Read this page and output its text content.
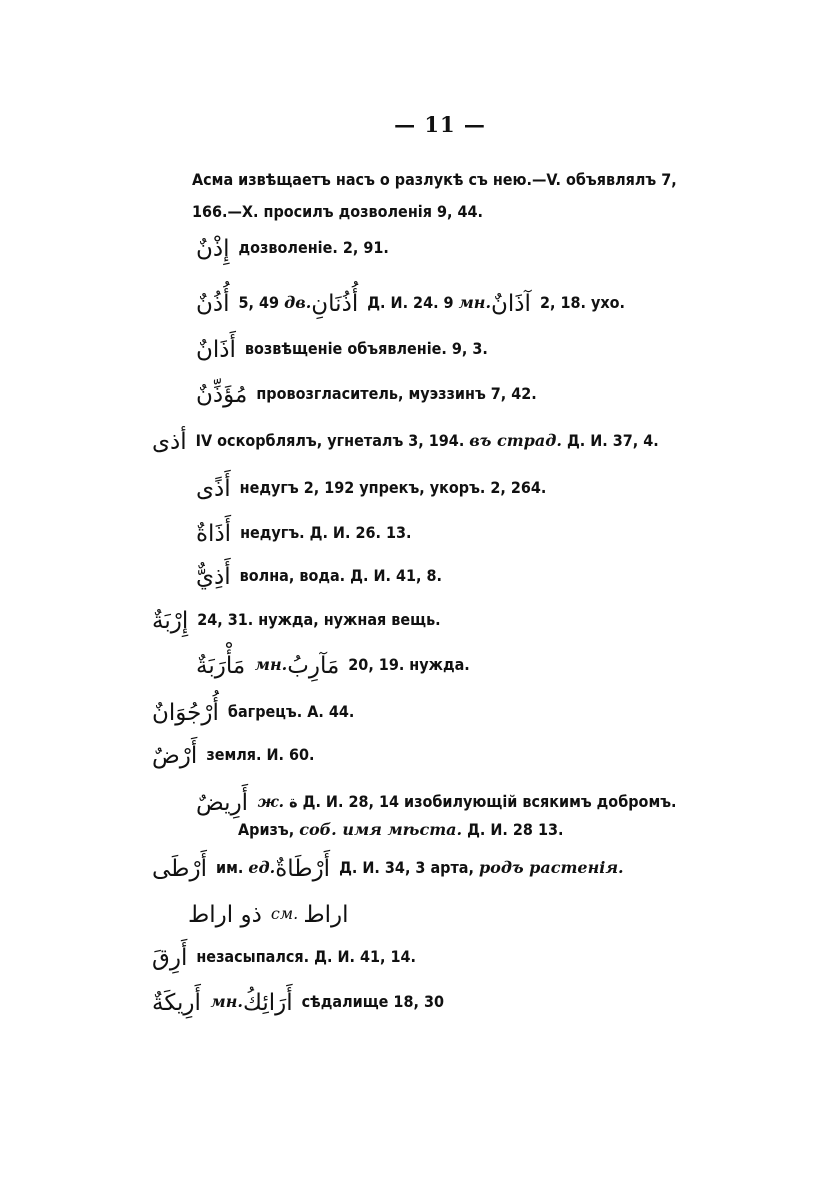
— 11 —
Асма извѣщаетъ насъ о разлукѣ съ нею.—V. объявлялъ 7,
166.—X. просилъ дозволенія 9, 44.
إِذْنٌ дозволеніе. 2, 91.
أُذُنٌ 5, 49 дв.أُذُنَانِ Д. И. 24. 9 мн.آذَانٌ 2, 18. ухо.
أَذَانٌ возвѣщеніе объявленіе. 9, 3.
مُؤَذِّنٌ провозгласитель, муэззинъ 7, 42.
أذى IV оскорблялъ, угнеталъ 3, 194. въ страд. Д. И. 37, 4.
أَذًى недугъ 2, 192 упрекъ, укоръ. 2, 264.
أَذَاةٌ недугъ. Д. И. 26. 13.
أَذِيٌّ волна, вода. Д. И. 41, 8.
إِرْبَةٌ 24, 31. нужда, нужная вещь.
مَأْرَبَةٌ мн.مَآرِبُ 20, 19. нужда.
أُرْجُوَانٌ багрецъ. А. 44.
أَرْضٌ земля. И. 60.
أَرِيضٌ ж. ة Д. И. 28, 14 изобилующій всякимъ добромъ.
Аризъ, соб. имя мѣста. Д. И. 28 13.
أَرْطَى им. ед.أَرْطَاةٌ Д. И. 34, 3 арта, родъ растенія.
ذو اراط см. اراط
أَرِقَ незасыпался. Д. И. 41, 14.
أَرِيكَةٌ мн.أَرَائِكُ сѣдалище 18, 30
